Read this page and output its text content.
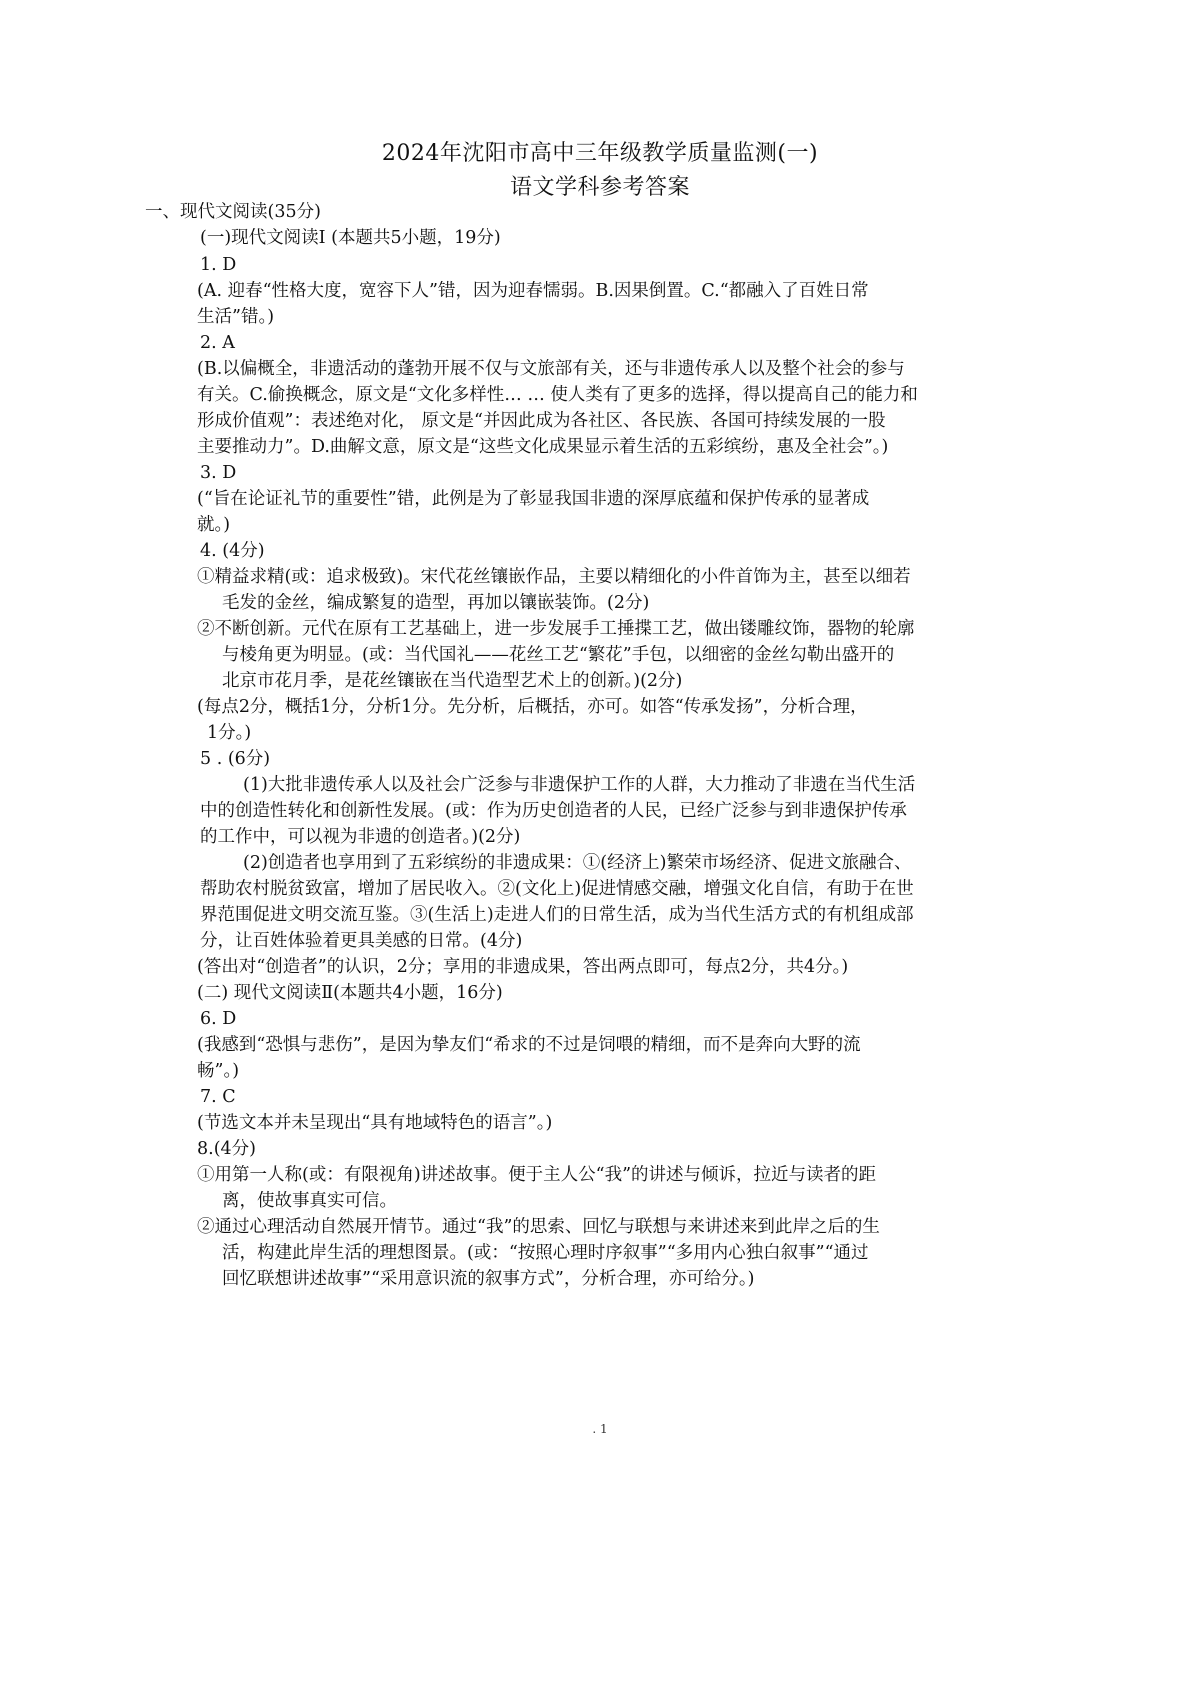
2024年沈阳市高中三年级教学质量监测(一)
语文学科参考答案
一、现代文阅读(35分)
(一)现代文阅读Ⅰ (本题共5小题，19分)
1. D
(A. 迎春“性格大度，宽容下人”错，因为迎春懦弱。B.因果倒置。C.“都融入了百姓日常
生活”错。)
2. A
(B.以偏概全，非遗活动的蓬勃开展不仅与文旅部有关，还与非遗传承人以及整个社会的参与
有关。C.偷换概念，原文是“文化多样性… … 使人类有了更多的选择，得以提高自己的能力和
形成价值观”：表述绝对化， 原文是“并因此成为各社区、各民族、各国可持续发展的一股
主要推动力”。D.曲解文意，原文是“这些文化成果显示着生活的五彩缤纷，惠及全社会”。)
3. D
(“旨在论证礼节的重要性”错，此例是为了彰显我国非遗的深厚底蕴和保护传承的显著成
就。)
4. (4分)
①精益求精(或：追求极致)。宋代花丝镶嵌作品，主要以精细化的小件首饰为主，甚至以细若
毛发的金丝，编成繁复的造型，再加以镶嵌装饰。(2分)
②不断创新。元代在原有工艺基础上，进一步发展手工捶揲工艺，做出镂雕纹饰，器物的轮廓
与棱角更为明显。(或：当代国礼——花丝工艺“繁花”手包，以细密的金丝勾勒出盛开的
北京市花月季，是花丝镶嵌在当代造型艺术上的创新。)(2分)
(每点2分，概括1分，分析1分。先分析，后概括，亦可。如答“传承发扬”，分析合理，
1分。)
5 . (6分)
(1)大批非遗传承人以及社会广泛参与非遗保护工作的人群，大力推动了非遗在当代生活
中的创造性转化和创新性发展。(或：作为历史创造者的人民，已经广泛参与到非遗保护传承
的工作中，可以视为非遗的创造者。)(2分)
(2)创造者也享用到了五彩缤纷的非遗成果：①(经济上)繁荣市场经济、促进文旅融合、
帮助农村脱贫致富，增加了居民收入。②(文化上)促进情感交融，增强文化自信，有助于在世
界范围促进文明交流互鉴。③(生活上)走进人们的日常生活，成为当代生活方式的有机组成部
分，让百姓体验着更具美感的日常。(4分)
(答出对“创造者”的认识，2分；享用的非遗成果，答出两点即可，每点2分，共4分。)
(二) 现代文阅读Ⅱ(本题共4小题，16分)
6. D
(我感到“恐惧与悲伤”，是因为挚友们“希求的不过是饲喂的精细，而不是奔向大野的流
畅”。)
7. C
(节选文本并未呈现出“具有地域特色的语言”。)
8.(4分)
①用第一人称(或：有限视角)讲述故事。便于主人公“我”的讲述与倾诉，拉近与读者的距
离，使故事真实可信。
②通过心理活动自然展开情节。通过“我”的思索、回忆与联想与来讲述来到此岸之后的生
活，构建此岸生活的理想图景。(或：“按照心理时序叙事”“多用内心独白叙事”“通过
回忆联想讲述故事”“采用意识流的叙事方式”，分析合理，亦可给分。)
. 1
